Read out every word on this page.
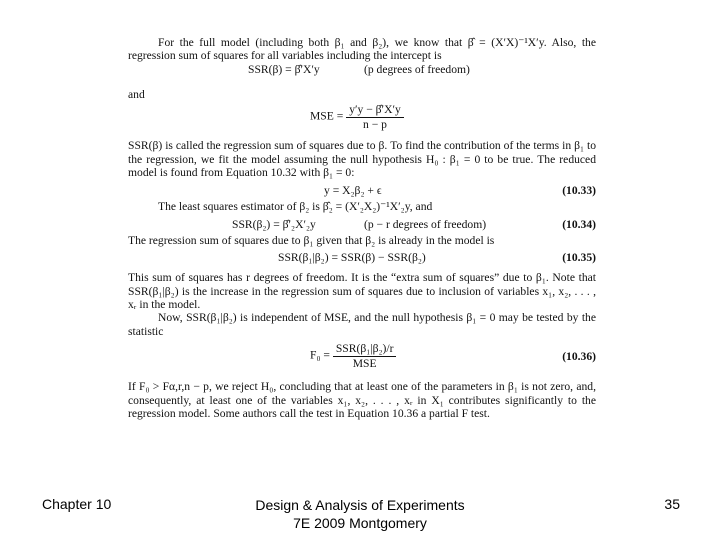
For the full model (including both β₁ and β₂), we know that β̂ = (X′X)⁻¹X′y. Also, the regression sum of squares for all variables including the intercept is

SSR(β) = β̂′X′y	(p degrees of freedom)

and

MSE = $\frac{y'y - \betâ'X'y}{n - p}$

SSR(β) is called the regression sum of squares due to β. To find the contribution of the terms in β₁ to the regression, we fit the model assuming the null hypothesis H₀ : β₁ = 0 to be true. The reduced model is found from Equation 10.32 with β₁ = 0:

y = X₂β₂ + ϵ	(10.33)

The least squares estimator of β₂ is β̂₂ = (X′₂X₂)⁻¹X′₂y, and

SSR(β₂) = β̂′₂X′₂y	(p − r degrees of freedom)	(10.34)

The regression sum of squares due to β₁ given that β₂ is already in the model is

SSR(β₁|β₂) = SSR(β) − SSR(β₂)	(10.35)

This sum of squares has r degrees of freedom. It is the “extra sum of squares” due to β₁. Note that SSR(β₁|β₂) is the increase in the regression sum of squares due to inclusion of variables x₁, x₂, . . . , xᵣ in the model.

Now, SSR(β₁|β₂) is independent of MSE, and the null hypothesis β₁ = 0 may be tested by the statistic

$F_0 = \frac{\text{SSR(β₁|β₂)/r}}{\text{MSE}}$	(10.36)

If F₀ > Fα,r,n − p, we reject H₀, concluding that at least one of the parameters in β₁ is not zero, and, consequently, at least one of the variables x₁, x₂, . . . , xᵣ in X₁ contributes significantly to the regression model. Some authors call the test in Equation 10.36 a partial F test.

Chapter 10	Design & Analysis of Experiments
7E 2009 Montgomery
35
